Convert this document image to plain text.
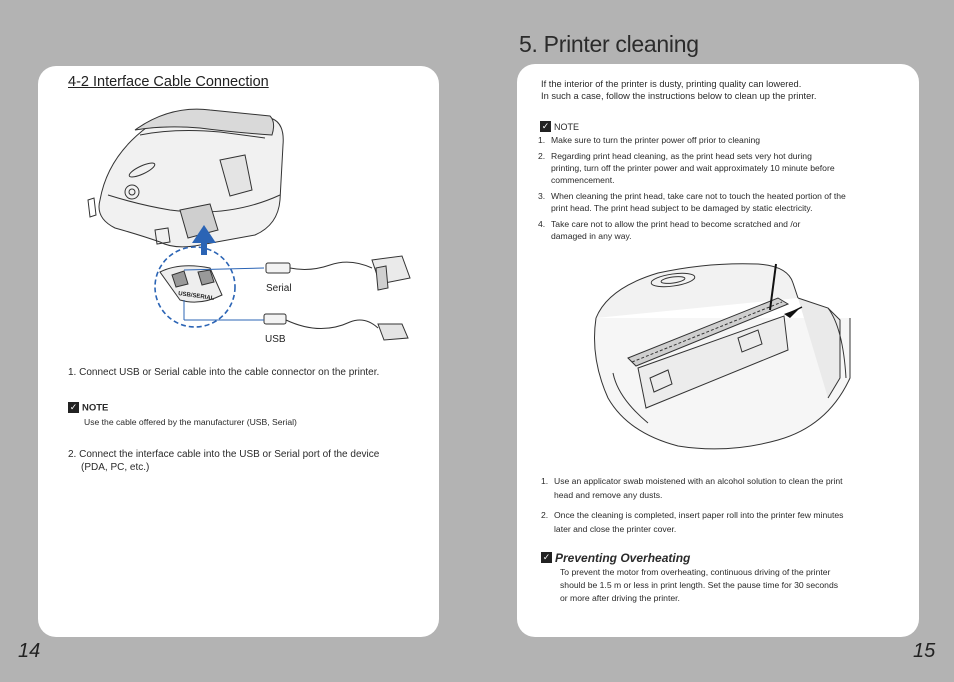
5. Printer cleaning
4-2 Interface Cable Connection
USB/SERIAL
Serial
USB
1. Connect USB or Serial cable into the cable connector on the printer.
✓ NOTE
Use the cable offered by the manufacturer (USB, Serial)
2. Connect the interface cable into the USB or Serial port of the device
(PDA, PC, etc.)
14
If the interior of the printer is dusty, printing quality can lowered.
In such a case, follow the instructions below to clean up the printer.
✓ NOTE
1. Make sure to turn the printer power off prior to cleaning
2. Regarding print head cleaning, as the print head sets very hot during
printing, turn off the printer power and wait approximately 10 minute before
commencement.
3. When cleaning the print head, take care not to touch the heated portion of the
print head. The print head subject to be damaged by static electricity.
4. Take care not to allow the print head to become scratched and /or
damaged in any way.
1. Use an applicator swab moistened with an alcohol solution to clean the print
head and remove any dusts.
2. Once the cleaning is completed, insert paper roll into the printer few minutes
later and close the printer cover.
✓ Preventing Overheating
To prevent the motor from overheating, continuous driving of the printer
should be 1.5 m or less in print length. Set the pause time for 30 seconds
or more after driving the printer.
15
